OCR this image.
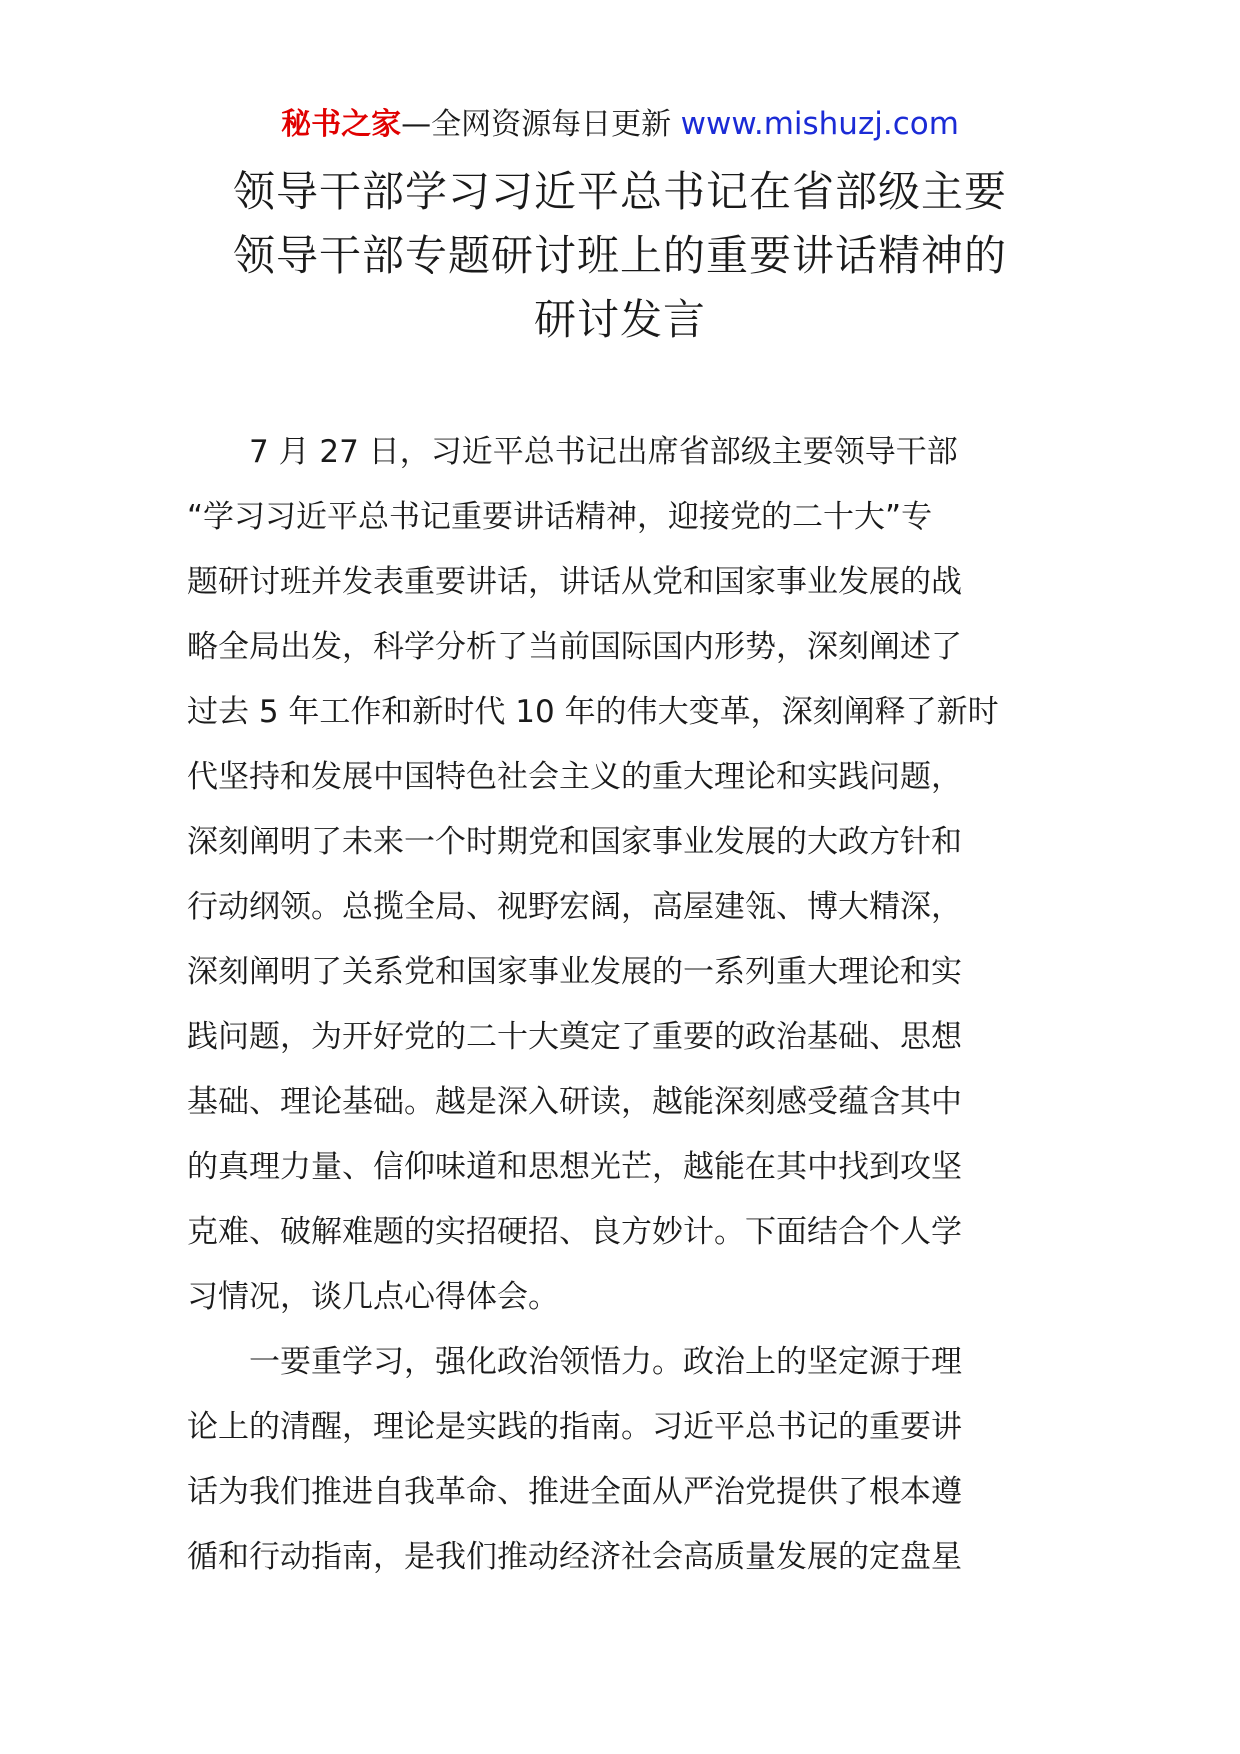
秘书之家—全网资源每日更新 www.mishuzj.com
领导干部学习习近平总书记在省部级主要
领导干部专题研讨班上的重要讲话精神的
研讨发言

7 月 27 日，习近平总书记出席省部级主要领导干部
“学习习近平总书记重要讲话精神，迎接党的二十大”专
题研讨班并发表重要讲话，讲话从党和国家事业发展的战
略全局出发，科学分析了当前国际国内形势，深刻阐述了
过去 5 年工作和新时代 10 年的伟大变革，深刻阐释了新时
代坚持和发展中国特色社会主义的重大理论和实践问题，
深刻阐明了未来一个时期党和国家事业发展的大政方针和
行动纲领。总揽全局、视野宏阔，高屋建瓴、博大精深，
深刻阐明了关系党和国家事业发展的一系列重大理论和实
践问题，为开好党的二十大奠定了重要的政治基础、思想
基础、理论基础。越是深入研读，越能深刻感受蕴含其中
的真理力量、信仰味道和思想光芒，越能在其中找到攻坚
克难、破解难题的实招硬招、良方妙计。下面结合个人学
习情况，谈几点心得体会。

一要重学习，强化政治领悟力。政治上的坚定源于理
论上的清醒，理论是实践的指南。习近平总书记的重要讲
话为我们推进自我革命、推进全面从严治党提供了根本遵
循和行动指南，是我们推动经济社会高质量发展的定盘星
